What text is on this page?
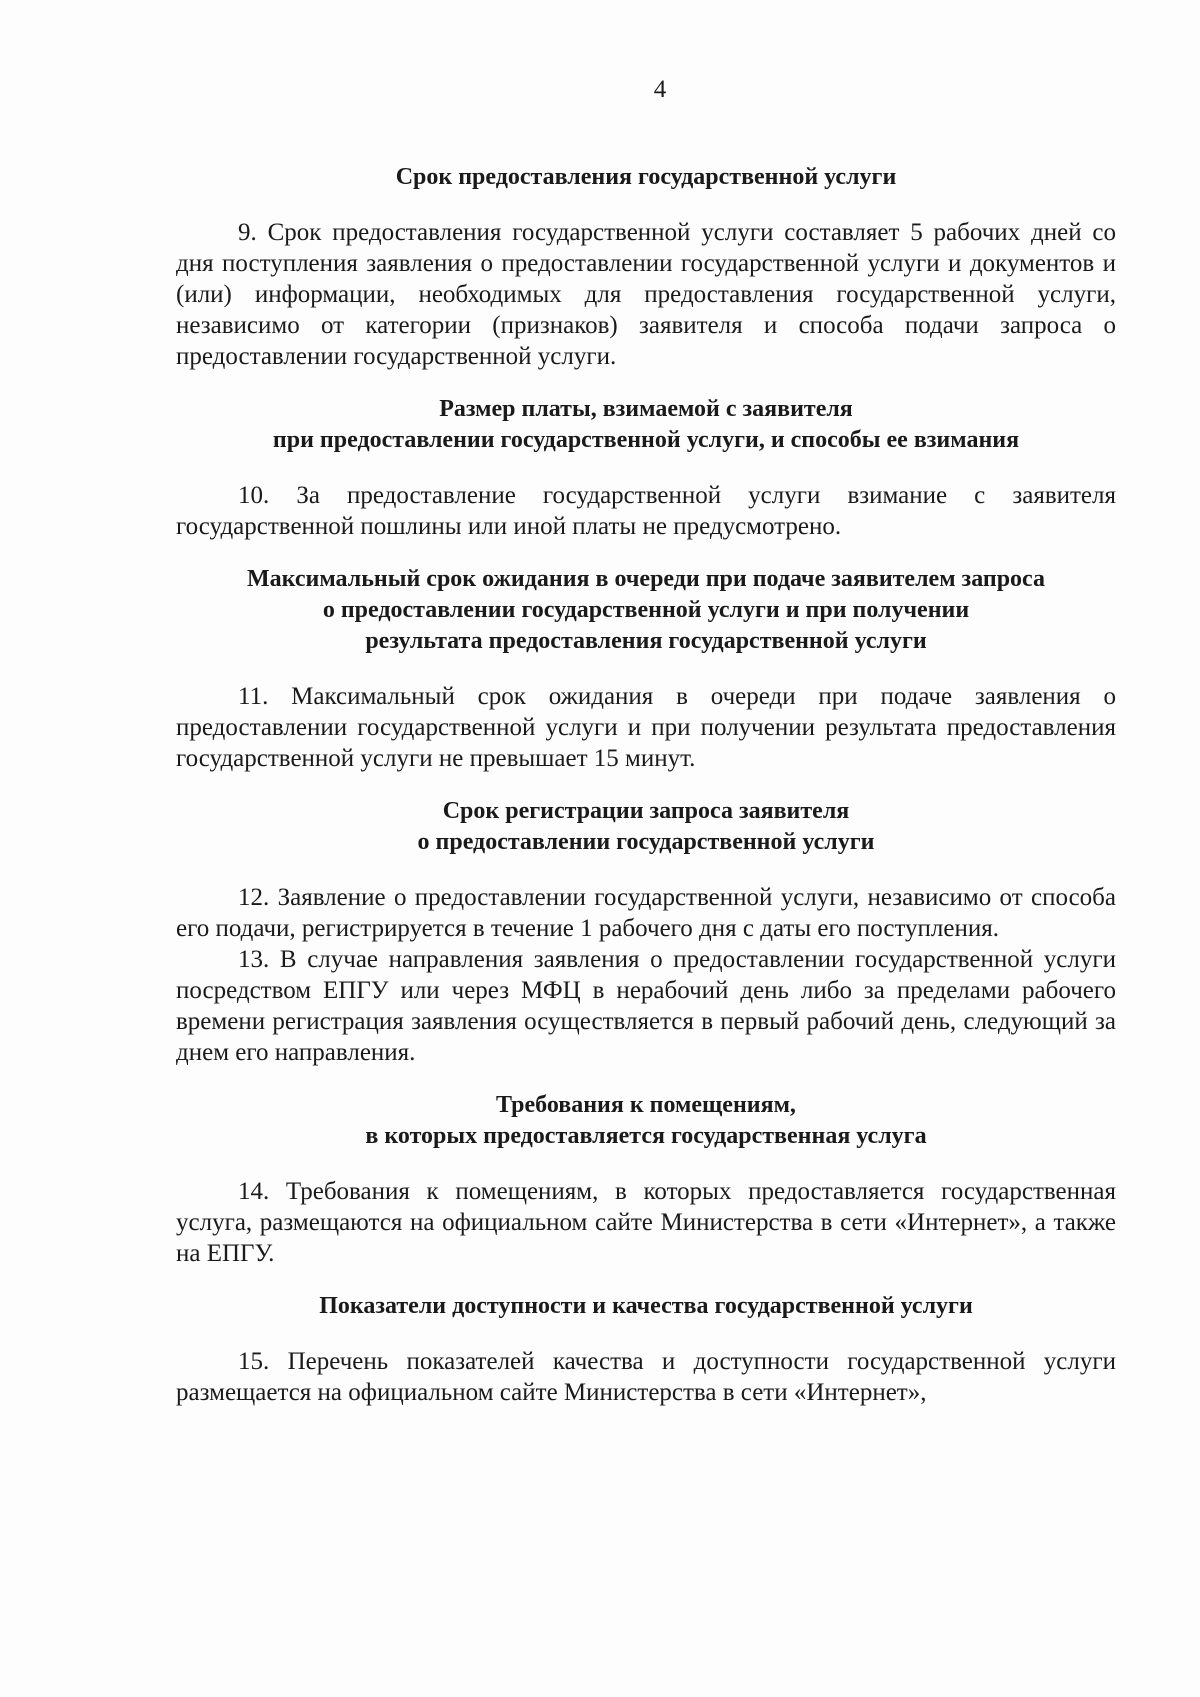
4
Срок предоставления государственной услуги

9. Срок предоставления государственной услуги составляет 5 рабочих дней со дня поступления заявления о предоставлении государственной услуги и документов и (или) информации, необходимых для предоставления государственной услуги, независимо от категории (признаков) заявителя и способа подачи запроса о предоставлении государственной услуги.

Размер платы, взимаемой с заявителя
при предоставлении государственной услуги, и способы ее взимания

10. За предоставление государственной услуги взимание с заявителя государственной пошлины или иной платы не предусмотрено.

Максимальный срок ожидания в очереди при подаче заявителем запроса
о предоставлении государственной услуги и при получении
результата предоставления государственной услуги

11. Максимальный срок ожидания в очереди при подаче заявления о предоставлении государственной услуги и при получении результата предоставления государственной услуги не превышает 15 минут.

Срок регистрации запроса заявителя
о предоставлении государственной услуги

12. Заявление о предоставлении государственной услуги, независимо от способа его подачи, регистрируется в течение 1 рабочего дня с даты его поступления.

13. В случае направления заявления о предоставлении государственной услуги посредством ЕПГУ или через МФЦ в нерабочий день либо за пределами рабочего времени регистрация заявления осуществляется в первый рабочий день, следующий за днем его направления.

Требования к помещениям,
в которых предоставляется государственная услуга

14. Требования к помещениям, в которых предоставляется государственная услуга, размещаются на официальном сайте Министерства в сети «Интернет», а также на ЕПГУ.

Показатели доступности и качества государственной услуги

15. Перечень показателей качества и доступности государственной услуги размещается на официальном сайте Министерства в сети «Интернет»,
